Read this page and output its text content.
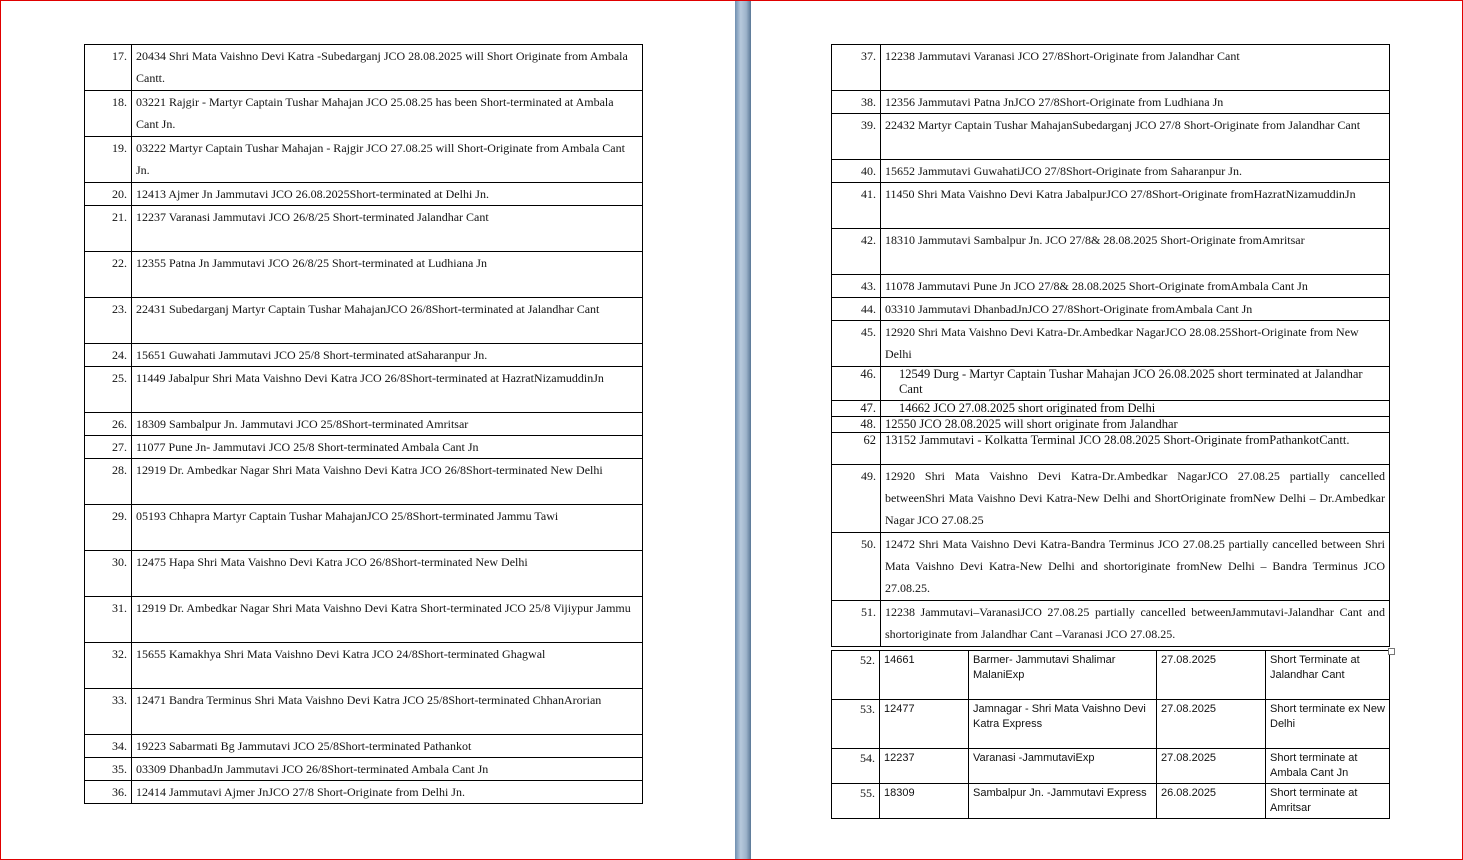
17.	20434 Shri Mata Vaishno Devi Katra -Subedarganj JCO 28.08.2025 will Short Originate from Ambala Cantt.
18.	03221 Rajgir - Martyr Captain Tushar Mahajan JCO 25.08.25 has been Short-terminated at Ambala Cant Jn.
19.	03222 Martyr Captain Tushar Mahajan - Rajgir JCO 27.08.25 will Short-Originate from Ambala Cant Jn.
20.	12413 Ajmer Jn Jammutavi JCO 26.08.2025Short-terminated at Delhi Jn.
21.	12237 Varanasi Jammutavi JCO 26/8/25 Short-terminated Jalandhar Cant
22.	12355 Patna Jn Jammutavi JCO 26/8/25 Short-terminated at Ludhiana Jn
23.	22431 Subedarganj Martyr Captain Tushar MahajanJCO 26/8Short-terminated at Jalandhar Cant
24.	15651 Guwahati Jammutavi JCO 25/8 Short-terminated atSaharanpur Jn.
25.	11449 Jabalpur Shri Mata Vaishno Devi Katra JCO 26/8Short-terminated at HazratNizamuddinJn
26.	18309 Sambalpur Jn. Jammutavi JCO 25/8Short-terminated Amritsar
27.	11077 Pune Jn- Jammutavi JCO 25/8 Short-terminated Ambala Cant Jn
28.	12919 Dr. Ambedkar Nagar Shri Mata Vaishno Devi Katra JCO 26/8Short-terminated New Delhi
29.	05193 Chhapra Martyr Captain Tushar MahajanJCO 25/8Short-terminated Jammu Tawi
30.	12475 Hapa Shri Mata Vaishno Devi Katra JCO 26/8Short-terminated New Delhi
31.	12919 Dr. Ambedkar Nagar Shri Mata Vaishno Devi Katra Short-terminated JCO 25/8 Vijiypur Jammu
32.	15655 Kamakhya Shri Mata Vaishno Devi Katra JCO 24/8Short-terminated Ghagwal
33.	12471 Bandra Terminus Shri Mata Vaishno Devi Katra JCO 25/8Short-terminated ChhanArorian
34.	19223 Sabarmati Bg Jammutavi JCO 25/8Short-terminated Pathankot
35.	03309 DhanbadJn Jammutavi JCO 26/8Short-terminated Ambala Cant Jn
36.	12414 Jammutavi Ajmer JnJCO 27/8 Short-Originate from Delhi Jn.
37.	12238 Jammutavi Varanasi JCO 27/8Short-Originate from Jalandhar Cant
38.	12356 Jammutavi Patna JnJCO 27/8Short-Originate from Ludhiana Jn
39.	22432 Martyr Captain Tushar MahajanSubedarganj JCO 27/8 Short-Originate from Jalandhar Cant
40.	15652 Jammutavi GuwahatiJCO 27/8Short-Originate from Saharanpur Jn.
41.	11450 Shri Mata Vaishno Devi Katra JabalpurJCO 27/8Short-Originate fromHazratNizamuddinJn
42.	18310 Jammutavi Sambalpur Jn. JCO 27/8& 28.08.2025 Short-Originate fromAmritsar
43.	11078 Jammutavi Pune Jn JCO 27/8& 28.08.2025 Short-Originate fromAmbala Cant Jn
44.	03310 Jammutavi DhanbadJnJCO 27/8Short-Originate fromAmbala Cant Jn
45.	12920 Shri Mata Vaishno Devi Katra-Dr.Ambedkar NagarJCO 28.08.25Short-Originate from New Delhi
46.	12549 Durg - Martyr Captain Tushar Mahajan JCO 26.08.2025 short terminated at Jalandhar Cant
47.	14662 JCO 27.08.2025 short originated from Delhi
48.	12550 JCO 28.08.2025 will short originate from Jalandhar
62	13152 Jammutavi - Kolkatta Terminal JCO 28.08.2025 Short-Originate fromPathankotCantt.
49.	12920 Shri Mata Vaishno Devi Katra-Dr.Ambedkar NagarJCO 27.08.25 partially cancelled betweenShri Mata Vaishno Devi Katra-New Delhi and ShortOriginate fromNew Delhi – Dr.Ambedkar Nagar JCO 27.08.25
50.	12472 Shri Mata Vaishno Devi Katra-Bandra Terminus JCO 27.08.25 partially cancelled between Shri Mata Vaishno Devi Katra-New Delhi and shortoriginate fromNew Delhi – Bandra Terminus JCO 27.08.25.
51.	12238 Jammutavi–VaranasiJCO 27.08.25 partially cancelled betweenJammutavi-Jalandhar Cant and shortoriginate from Jalandhar Cant –Varanasi JCO 27.08.25.
52.	14661	Barmer- Jammutavi Shalimar MalaniExp	27.08.2025	Short Terminate at Jalandhar Cant
53.	12477	Jamnagar - Shri Mata Vaishno Devi Katra Express	27.08.2025	Short terminate ex New Delhi
54.	12237	Varanasi -JammutaviExp	27.08.2025	Short terminate at Ambala Cant Jn
55.	18309	Sambalpur Jn. -Jammutavi Express	26.08.2025	Short terminate at Amritsar
